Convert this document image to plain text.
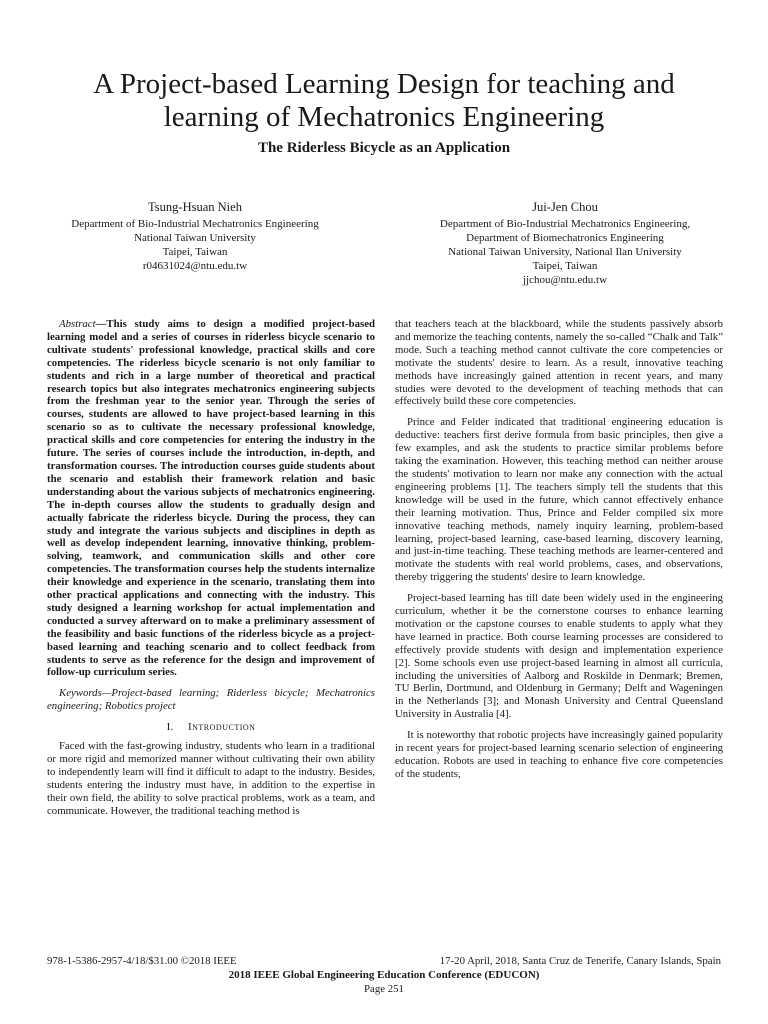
A Project-based Learning Design for teaching and
learning of Mechatronics Engineering
The Riderless Bicycle as an Application
Tsung-Hsuan Nieh
Department of Bio-Industrial Mechatronics Engineering
National Taiwan University
Taipei, Taiwan
r04631024@ntu.edu.tw
Jui-Jen Chou
Department of Bio-Industrial Mechatronics Engineering,
Department of Biomechatronics Engineering
National Taiwan University, National Ilan University
Taipei, Taiwan
jjchou@ntu.edu.tw

Abstract—This study aims to design a modified project-based learning model and a series of courses in riderless bicycle scenario to cultivate students' professional knowledge, practical skills and core competencies. The riderless bicycle scenario is not only familiar to students and rich in a large number of theoretical and practical research topics but also integrates mechatronics engineering subjects from the freshman year to the senior year. Through the series of courses, students are allowed to have project-based learning in this scenario so as to cultivate the necessary professional knowledge, practical skills and core competencies for entering the industry in the future. The series of courses include the introduction, in-depth, and transformation courses. The introduction courses guide students about the scenario and establish their framework relation and basic understanding about the various subjects of mechatronics engineering. The in-depth courses allow the students to gradually design and actually fabricate the riderless bicycle. During the process, they can study and integrate the various subjects and disciplines in depth as well as develop independent learning, innovative thinking, problem-solving, teamwork, and communication skills and other core competencies. The transformation courses help the students internalize their knowledge and experience in the scenario, translating them into other practical applications and connecting with the industry. This study designed a learning workshop for actual implementation and conducted a survey afterward on to make a preliminary assessment of the feasibility and basic functions of the riderless bicycle as a project-based learning and teaching scenario and to collect feedback from students to serve as the reference for the design and improvement of follow-up curriculum series.

Keywords—Project-based learning; Riderless bicycle; Mechatronics engineering; Robotics project

I. Introduction

Faced with the fast-growing industry, students who learn in a traditional or more rigid and memorized manner without cultivating their own ability to independently learn will find it difficult to adapt to the industry. Besides, students entering the industry must have, in addition to the expertise in their own field, the ability to solve practical problems, work as a team, and communicate. However, the traditional teaching method is

that teachers teach at the blackboard, while the students passively absorb and memorize the teaching contents, namely the so-called “Chalk and Talk” mode. Such a teaching method cannot cultivate the core competencies or motivate the students' desire to learn. As a result, innovative teaching methods have increasingly gained attention in recent years, and many studies were devoted to the development of teaching methods that can effectively build these core competencies.

Prince and Felder indicated that traditional engineering education is deductive: teachers first derive formula from basic principles, then give a few examples, and ask the students to practice similar problems before taking the examination. However, this teaching method can neither arouse the students' motivation to learn nor make any connection with the actual engineering problems [1]. The teachers simply tell the students that this knowledge will be used in the future, which cannot effectively enhance their learning motivation. Thus, Prince and Felder compiled six more innovative teaching methods, namely inquiry learning, problem-based learning, project-based learning, case-based learning, discovery learning, and just-in-time teaching. These teaching methods are learner-centered and motivate the students with real world problems, cases, and observations, thereby triggering the students' desire to learn knowledge.

Project-based learning has till date been widely used in the engineering curriculum, whether it be the cornerstone courses to enhance learning motivation or the capstone courses to enable students to apply what they have learned in practice. Both course learning processes are considered to effectively provide students with design and implementation experience [2]. Some schools even use project-based learning in almost all curricula, including the universities of Aalborg and Roskilde in Denmark; Bremen, TU Berlin, Dortmund, and Oldenburg in Germany; Delft and Wageningen in the Netherlands [3]; and Monash University and Central Queensland University in Australia [4].

It is noteworthy that robotic projects have increasingly gained popularity in recent years for project-based learning scenario selection of engineering education. Robots are used in teaching to enhance five core competencies of the students,

978-1-5386-2957-4/18/$31.00 ©2018 IEEE	17-20 April, 2018, Santa Cruz de Tenerife, Canary Islands, Spain
2018 IEEE Global Engineering Education Conference (EDUCON)
Page 251
